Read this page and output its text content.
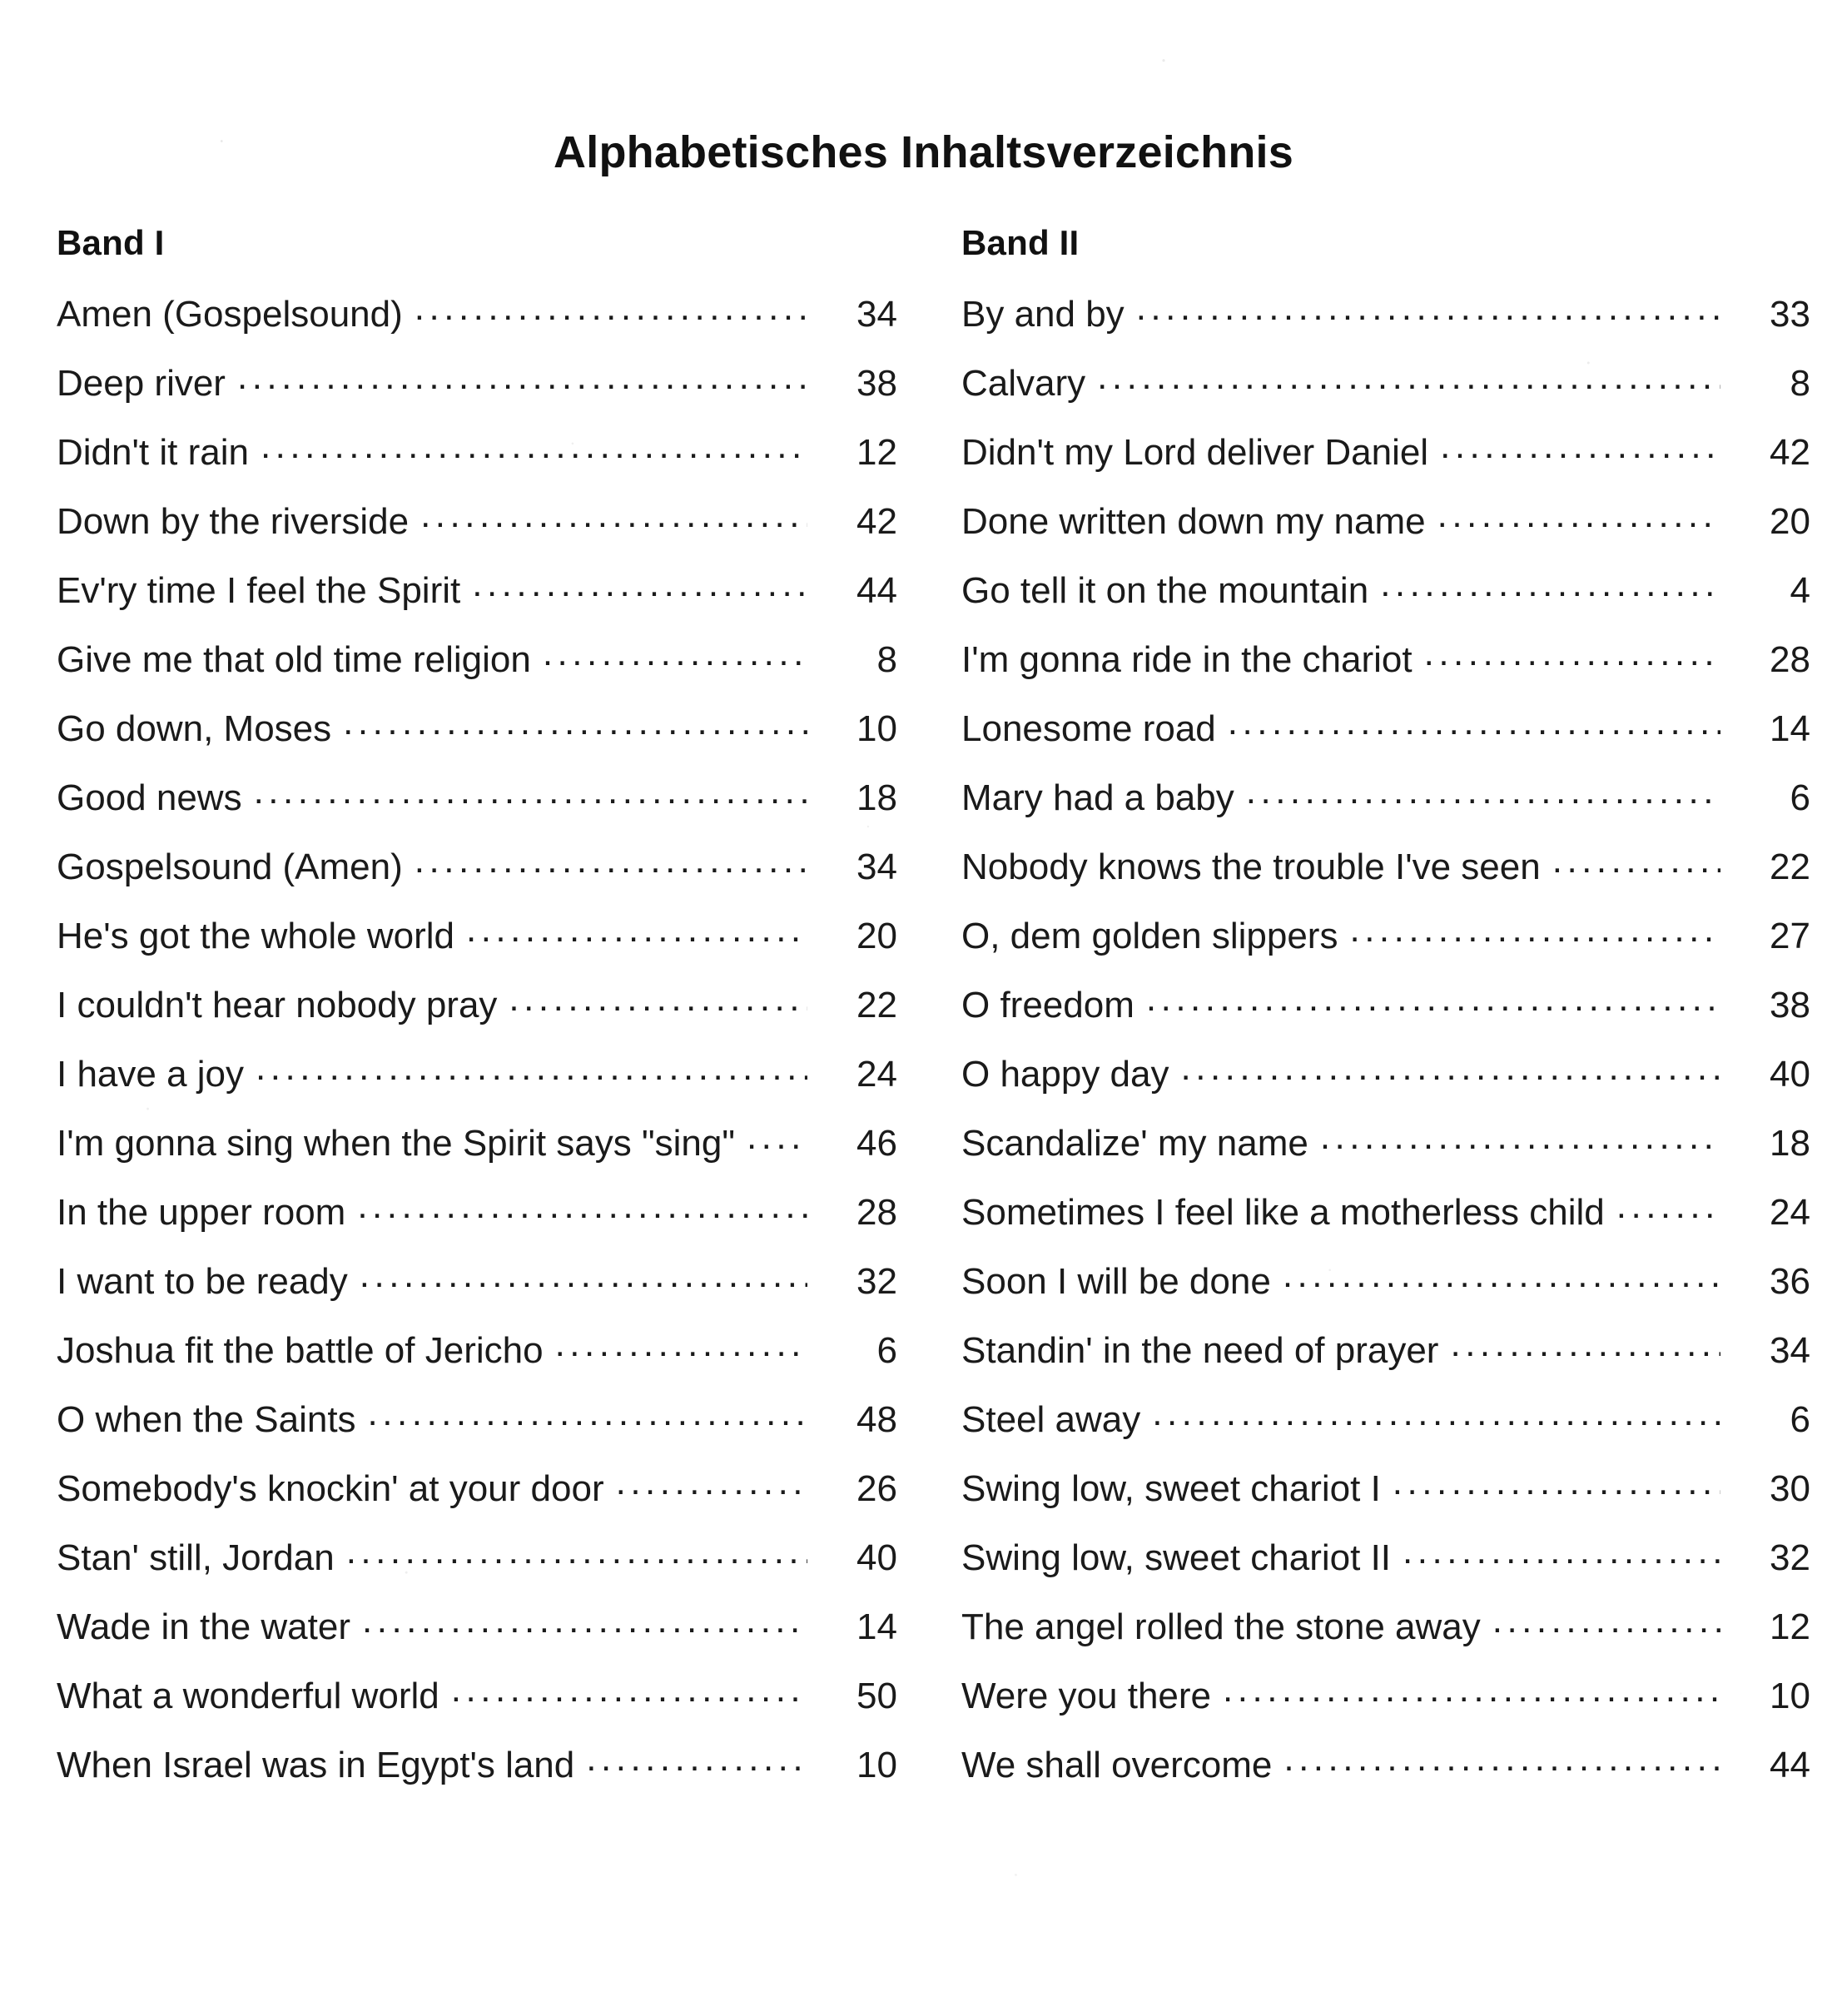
Alphabetisches Inhaltsverzeichnis
Band I
Amen (Gospelsound) .....	34
Deep river .....	38
Didn't it rain .....	12
Down by the riverside .....	42
Ev'ry time I feel the Spirit .....	44
Give me that old time religion .....	8
Go down, Moses .....	10
Good news .....	18
Gospelsound (Amen) .....	34
He's got the whole world .....	20
I couldn't hear nobody pray .....	22
I have a joy .....	24
I'm gonna sing when the Spirit says "sing" .....	46
In the upper room .....	28
I want to be ready .....	32
Joshua fit the battle of Jericho .....	6
O when the Saints .....	48
Somebody's knockin' at your door .....	26
Stan' still, Jordan .....	40
Wade in the water .....	14
What a wonderful world .....	50
When Israel was in Egypt's land .....	10
Band II
By and by .....	33
Calvary .....	8
Didn't my Lord deliver Daniel .....	42
Done written down my name .....	20
Go tell it on the mountain .....	4
I'm gonna ride in the chariot .....	28
Lonesome road .....	14
Mary had a baby .....	6
Nobody knows the trouble I've seen .....	22
O, dem golden slippers .....	27
O freedom .....	38
O happy day .....	40
Scandalize' my name .....	18
Sometimes I feel like a motherless child .....	24
Soon I will be done .....	36
Standin' in the need of prayer .....	34
Steel away .....	6
Swing low, sweet chariot I .....	30
Swing low, sweet chariot II .....	32
The angel rolled the stone away .....	12
Were you there .....	10
We shall overcome .....	44
